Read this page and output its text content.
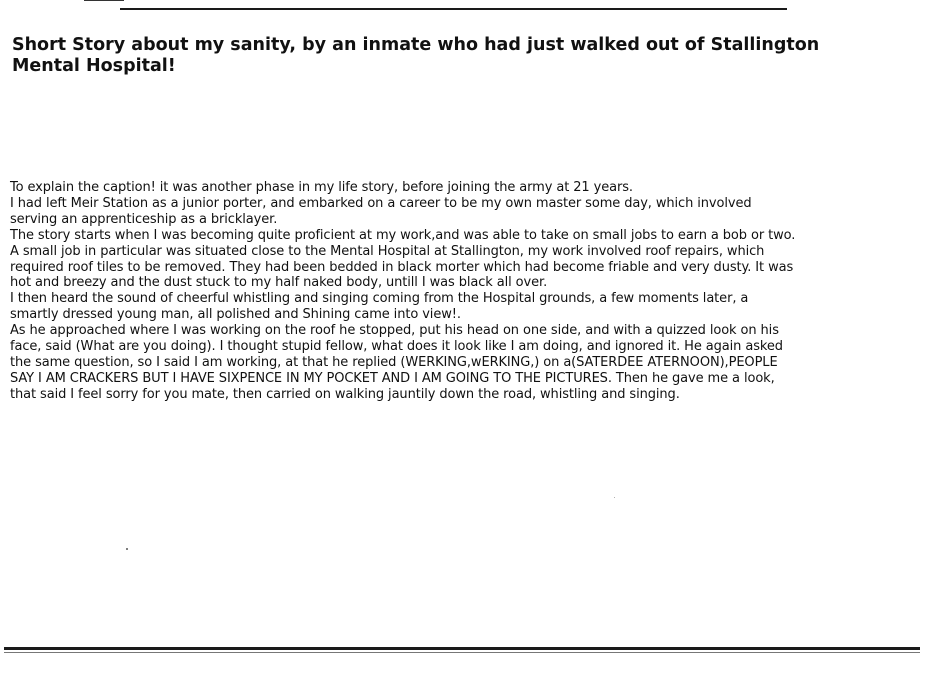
Short Story about my sanity, by an inmate who had just walked out of Stallington Mental Hospital!

To explain the caption! it was another phase in my life story, before joining the army at 21 years.

I had left Meir Station as a junior porter, and embarked on a career to be my own master some day, which involved serving an apprenticeship as a bricklayer.

The story starts when I was becoming quite proficient at my work,and was able to take on small jobs to earn a bob or two.

A small job in particular was situated close to the Mental Hospital at Stallington, my work involved roof repairs, which required roof tiles to be removed. They had been bedded in black morter which had become friable and very dusty. It was hot and breezy and the dust stuck to my half naked body, untill I was black all over.

I then heard the sound of cheerful whistling and singing coming from the Hospital grounds, a few moments later, a smartly dressed young man, all polished and Shining came into view!.

As he approached where I was working on the roof he stopped, put his head on one side, and with a quizzed look on his face, said (What are you doing). I thought stupid fellow, what does it look like I am doing, and ignored it. He again asked the same question, so I said I am working, at that he replied (WERKING,wERKING,) on a(SATERDEE ATERNOON),PEOPLE SAY I AM CRACKERS BUT I HAVE SIXPENCE IN MY POCKET AND I AM GOING TO THE PICTURES. Then he gave me a look, that said I feel sorry for you mate, then carried on walking jauntily down the road, whistling and singing.
